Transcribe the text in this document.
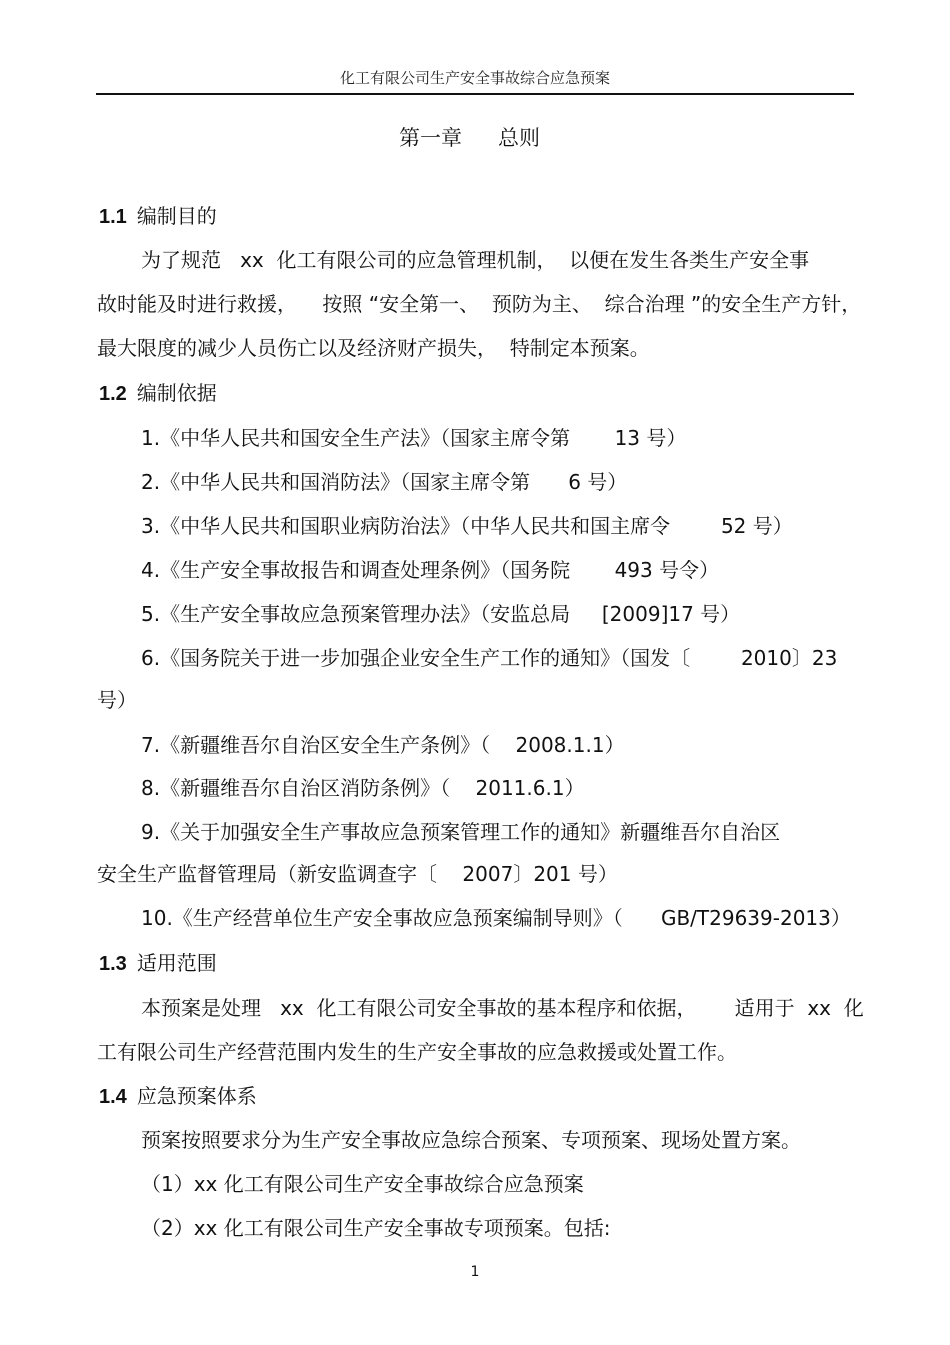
化工有限公司生产安全事故综合应急预案
第一章 总则
1.1 编制目的
为了规范   xx  化工有限公司的应急管理机制，  以便在发生各类生产安全事
故时能及时进行救援，    按照 “安全第一、  预防为主、  综合治理 ”的安全生产方针，
最大限度的减少人员伤亡以及经济财产损失，  特制定本预案。
1.2 编制依据
1.《中华人民共和国安全生产法》（国家主席令第       13 号）
2.《中华人民共和国消防法》（国家主席令第      6 号）
3.《中华人民共和国职业病防治法》（中华人民共和国主席令        52 号）
4.《生产安全事故报告和调查处理条例》（国务院       493 号令）
5.《生产安全事故应急预案管理办法》（安监总局     [2009]17 号）
6.《国务院关于进一步加强企业安全生产工作的通知》（国发〔        2010〕23
号）
7.《新疆维吾尔自治区安全生产条例》（    2008.1.1）
8.《新疆维吾尔自治区消防条例》（    2011.6.1）
9.《关于加强安全生产事故应急预案管理工作的通知》新疆维吾尔自治区
安全生产监督管理局（新安监调查字〔    2007〕201 号）
10.《生产经营单位生产安全事故应急预案编制导则》（      GB/T29639-2013）
1.3 适用范围
本预案是处理   xx  化工有限公司安全事故的基本程序和依据，      适用于  xx  化
工有限公司生产经营范围内发生的生产安全事故的应急救援或处置工作。
1.4 应急预案体系
预案按照要求分为生产安全事故应急综合预案、专项预案、现场处置方案。
（1）xx 化工有限公司生产安全事故综合应急预案
（2）xx 化工有限公司生产安全事故专项预案。包括:
1
